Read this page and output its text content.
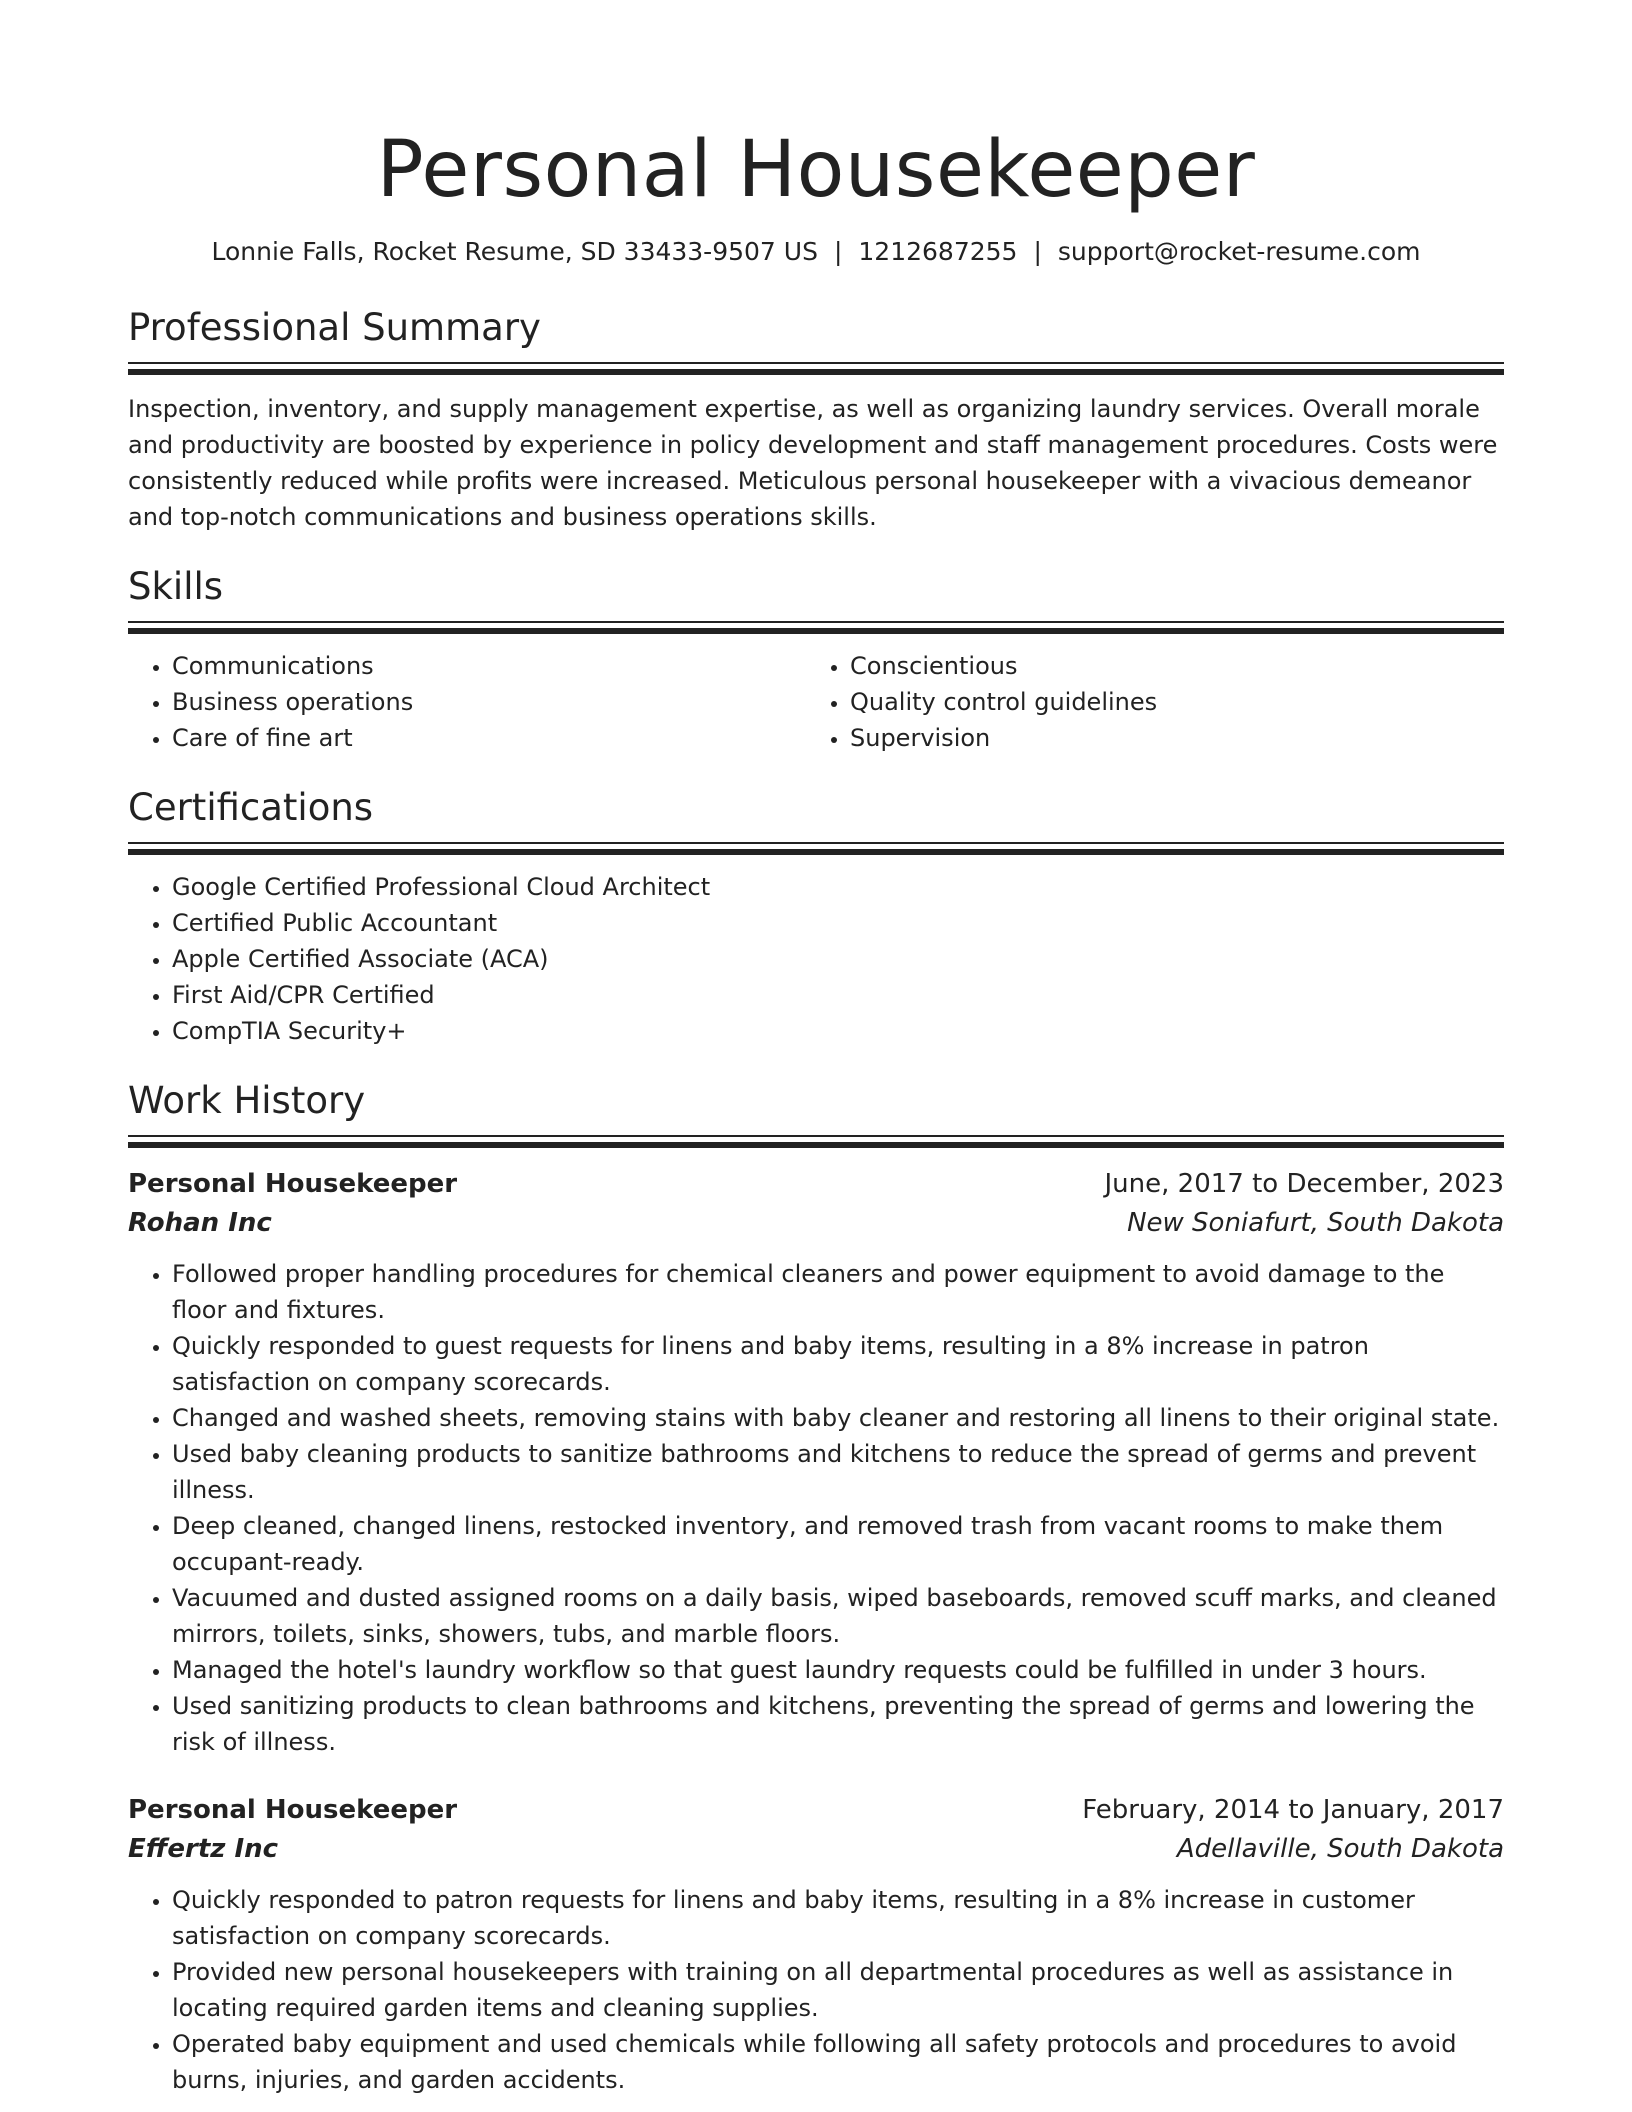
Personal Housekeeper
Lonnie Falls, Rocket Resume, SD 33433-9507 US | 1212687255 | support@rocket-resume.com
Professional Summary
Inspection, inventory, and supply management expertise, as well as organizing laundry services. Overall morale and productivity are boosted by experience in policy development and staff management procedures. Costs were consistently reduced while profits were increased. Meticulous personal housekeeper with a vivacious demeanor and top-notch communications and business operations skills.
Skills
• Communications
• Business operations
• Care of fine art
• Conscientious
• Quality control guidelines
• Supervision
Certifications
• Google Certified Professional Cloud Architect
• Certified Public Accountant
• Apple Certified Associate (ACA)
• First Aid/CPR Certified
• CompTIA Security+
Work History
Personal Housekeeper	June, 2017 to December, 2023
Rohan Inc	New Soniafurt, South Dakota
• Followed proper handling procedures for chemical cleaners and power equipment to avoid damage to the floor and fixtures.
• Quickly responded to guest requests for linens and baby items, resulting in a 8% increase in patron satisfaction on company scorecards.
• Changed and washed sheets, removing stains with baby cleaner and restoring all linens to their original state.
• Used baby cleaning products to sanitize bathrooms and kitchens to reduce the spread of germs and prevent illness.
• Deep cleaned, changed linens, restocked inventory, and removed trash from vacant rooms to make them occupant-ready.
• Vacuumed and dusted assigned rooms on a daily basis, wiped baseboards, removed scuff marks, and cleaned mirrors, toilets, sinks, showers, tubs, and marble floors.
• Managed the hotel's laundry workflow so that guest laundry requests could be fulfilled in under 3 hours.
• Used sanitizing products to clean bathrooms and kitchens, preventing the spread of germs and lowering the risk of illness.
Personal Housekeeper	February, 2014 to January, 2017
Effertz Inc	Adellaville, South Dakota
• Quickly responded to patron requests for linens and baby items, resulting in a 8% increase in customer satisfaction on company scorecards.
• Provided new personal housekeepers with training on all departmental procedures as well as assistance in locating required garden items and cleaning supplies.
• Operated baby equipment and used chemicals while following all safety protocols and procedures to avoid burns, injuries, and garden accidents.
